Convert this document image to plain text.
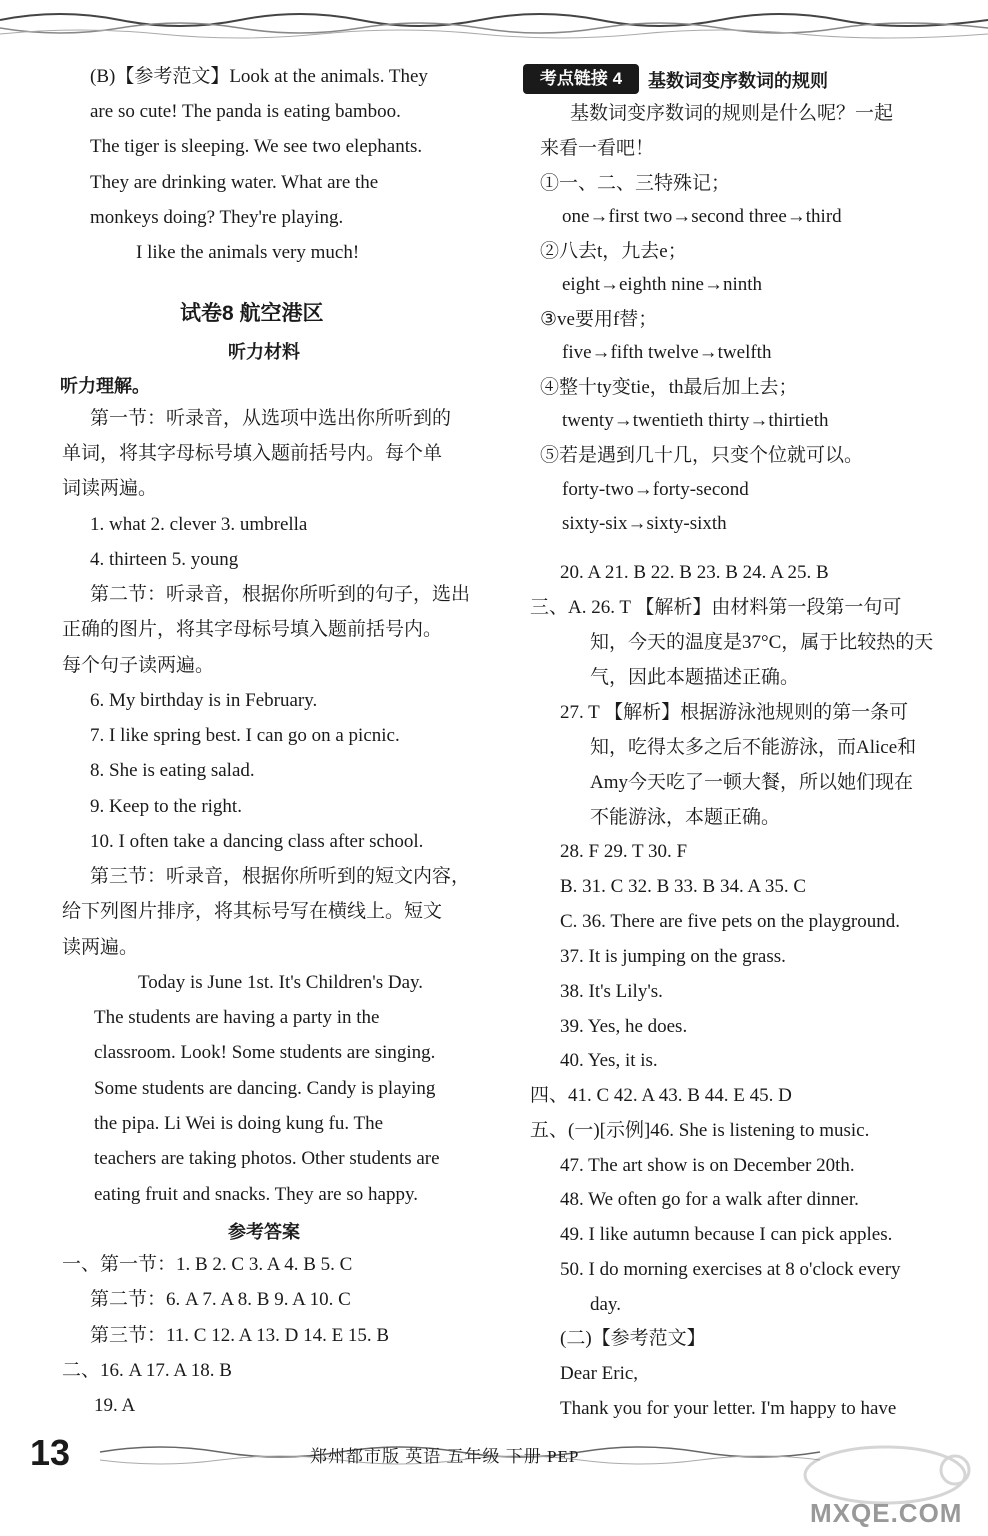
(B)【参考范文】Look at the animals. They
are so cute! The panda is eating bamboo.
The tiger is sleeping. We see two elephants.
They are drinking water. What are the
monkeys doing? They're playing.
I like the animals very much!
试卷8 航空港区
听力材料
听力理解。
第一节：听录音，从选项中选出你所听到的
单词，将其字母标号填入题前括号内。每个单
词读两遍。
1. what 2. clever 3. umbrella
4. thirteen 5. young
第二节：听录音，根据你所听到的句子，选出
正确的图片，将其字母标号填入题前括号内。
每个句子读两遍。
6. My birthday is in February.
7. I like spring best. I can go on a picnic.
8. She is eating salad.
9. Keep to the right.
10. I often take a dancing class after school.
第三节：听录音，根据你所听到的短文内容，
给下列图片排序，将其标号写在横线上。短文
读两遍。
Today is June 1st. It's Children's Day.
The students are having a party in the
classroom. Look! Some students are singing.
Some students are dancing. Candy is playing
the pipa. Li Wei is doing kung fu. The
teachers are taking photos. Other students are
eating fruit and snacks. They are so happy.
参考答案
一、第一节：1. B 2. C 3. A 4. B 5. C
第二节：6. A 7. A 8. B 9. A 10. C
第三节：11. C 12. A 13. D 14. E 15. B
二、16. A 17. A 18. B
19. A
考点链接 4	基数词变序数词的规则
基数词变序数词的规则是什么呢？一起
来看一看吧！
①一、二、三特殊记；
one→first two→second three→third
②八去t，九去e；
eight→eighth nine→ninth
③ve要用f替；
five→fifth twelve→twelfth
④整十ty变tie，th最后加上去；
twenty→twentieth thirty→thirtieth
⑤若是遇到几十几，只变个位就可以。
forty-two→forty-second
sixty-six→sixty-sixth
20. A 21. B 22. B 23. B 24. A 25. B
三、A. 26. T 【解析】由材料第一段第一句可
知，今天的温度是37°C，属于比较热的天
气，因此本题描述正确。
27. T 【解析】根据游泳池规则的第一条可
知，吃得太多之后不能游泳，而Alice和
Amy今天吃了一顿大餐，所以她们现在
不能游泳，本题正确。
28. F 29. T 30. F
B. 31. C 32. B 33. B 34. A 35. C
C. 36. There are five pets on the playground.
37. It is jumping on the grass.
38. It's Lily's.
39. Yes, he does.
40. Yes, it is.
四、41. C 42. A 43. B 44. E 45. D
五、(一)[示例]46. She is listening to music.
47. The art show is on December 20th.
48. We often go for a walk after dinner.
49. I like autumn because I can pick apples.
50. I do morning exercises at 8 o'clock every
day.
(二)【参考范文】
Dear Eric,
Thank you for your letter. I'm happy to have
13	郑州都市版 英语 五年级 下册 PEP
MXQE.COM
